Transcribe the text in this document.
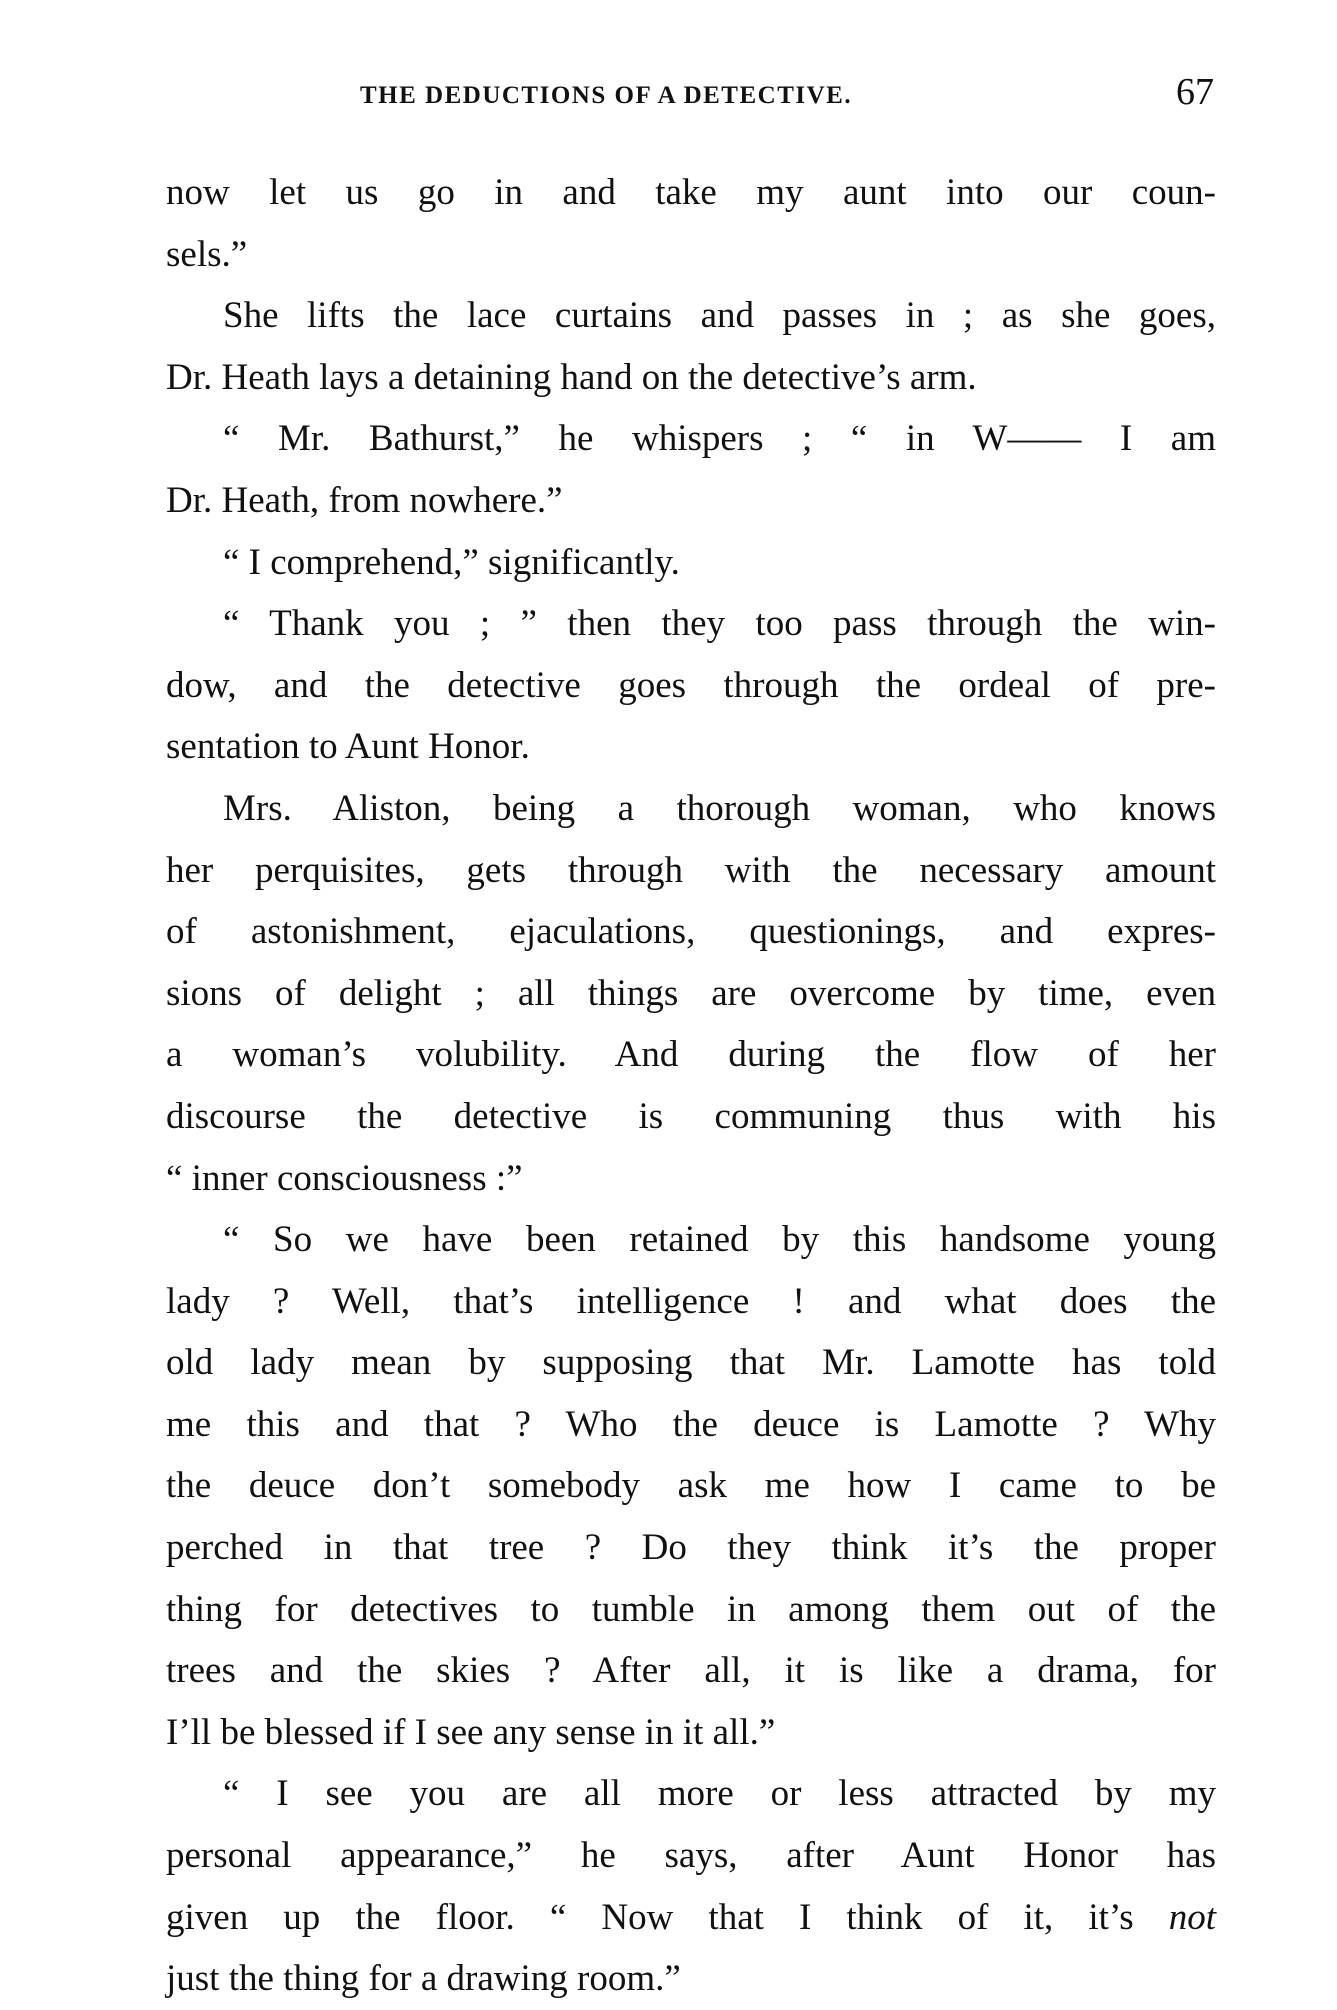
THE DEDUCTIONS OF A DETECTIVE.	67
now let us go in and take my aunt into our coun-
sels.”
She lifts the lace curtains and passes in ; as she goes,
Dr. Heath lays a detaining hand on the detective’s arm.
“ Mr. Bathurst,” he whispers ; “ in W—— I am
Dr. Heath, from nowhere.”
“ I comprehend,” significantly.
“ Thank you ; ” then they too pass through the win-
dow, and the detective goes through the ordeal of pre-
sentation to Aunt Honor.
Mrs. Aliston, being a thorough woman, who knows
her perquisites, gets through with the necessary amount
of astonishment, ejaculations, questionings, and expres-
sions of delight ; all things are overcome by time, even
a woman’s volubility. And during the flow of her
discourse the detective is communing thus with his
“ inner consciousness :”
“ So we have been retained by this handsome young
lady ? Well, that’s intelligence ! and what does the
old lady mean by supposing that Mr. Lamotte has told
me this and that ? Who the deuce is Lamotte ? Why
the deuce don’t somebody ask me how I came to be
perched in that tree ? Do they think it’s the proper
thing for detectives to tumble in among them out of the
trees and the skies ? After all, it is like a drama, for
I’ll be blessed if I see any sense in it all.”
“ I see you are all more or less attracted by my
personal appearance,” he says, after Aunt Honor has
given up the floor. “ Now that I think of it, it’s not
just the thing for a drawing room.”
